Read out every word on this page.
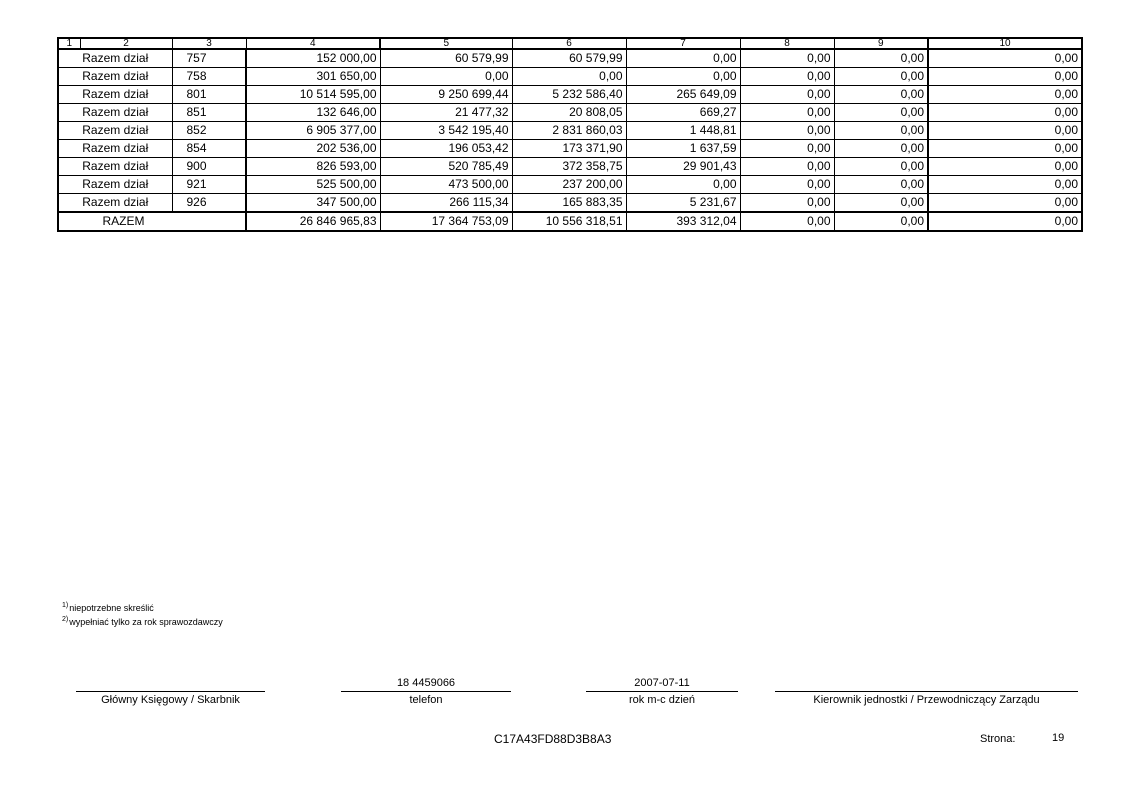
1	2	3	4	5	6	7	8	9	10
Razem dział		757	152 000,00	60 579,99	60 579,99	0,00	0,00	0,00	0,00
Razem dział		758	301 650,00	0,00	0,00	0,00	0,00	0,00	0,00
Razem dział		801	10 514 595,00	9 250 699,44	5 232 586,40	265 649,09	0,00	0,00	0,00
Razem dział		851	132 646,00	21 477,32	20 808,05	669,27	0,00	0,00	0,00
Razem dział		852	6 905 377,00	3 542 195,40	2 831 860,03	1 448,81	0,00	0,00	0,00
Razem dział		854	202 536,00	196 053,42	173 371,90	1 637,59	0,00	0,00	0,00
Razem dział		900	826 593,00	520 785,49	372 358,75	29 901,43	0,00	0,00	0,00
Razem dział		921	525 500,00	473 500,00	237 200,00	0,00	0,00	0,00	0,00
Razem dział		926	347 500,00	266 115,34	165 883,35	5 231,67	0,00	0,00	0,00
RAZEM			26 846 965,83	17 364 753,09	10 556 318,51	393 312,04	0,00	0,00	0,00
$^{1)}$niepotrzebne skreślić
$^{2)}$wypełniać tylko za rok sprawozdawczy
Główny Księgowy / Skarbnik
18 4459066
telefon
2007-07-11
rok m-c dzień	Kierownik jednostki / Przewodniczący Zarządu
C17A43FD88D3B8A3	Strona:	19
